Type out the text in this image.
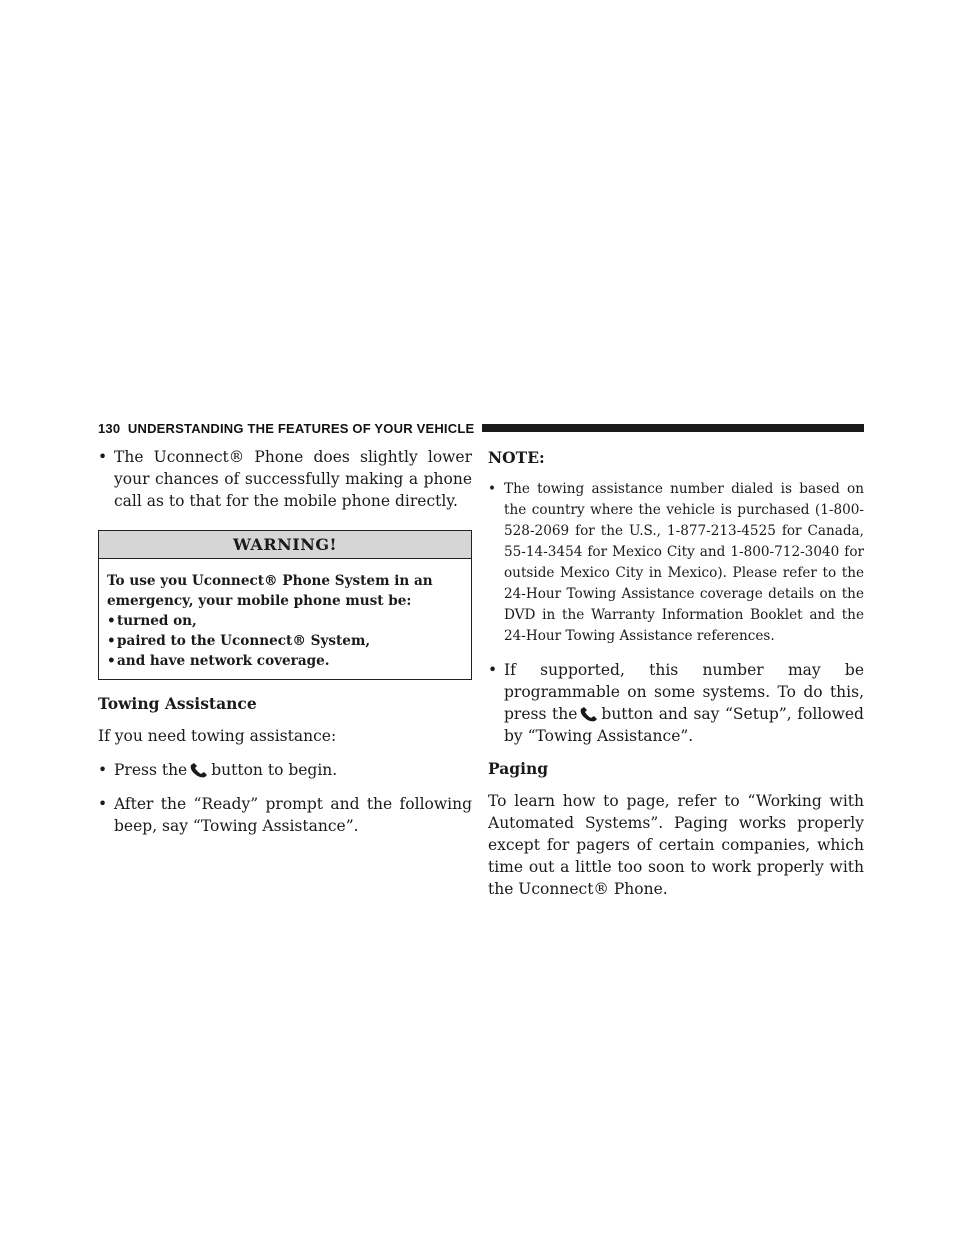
130 UNDERSTANDING THE FEATURES OF YOUR VEHICLE

• The Uconnect® Phone does slightly lower your chances of successfully making a phone call as to that for the mobile phone directly.

WARNING!
To use you Uconnect® Phone System in an emergency, your mobile phone must be:
• turned on,
• paired to the Uconnect® System,
• and have network coverage.

Towing Assistance

If you need towing assistance:

• Press the button to begin.

• After the “Ready” prompt and the following beep, say “Towing Assistance”.

NOTE:

• The towing assistance number dialed is based on the country where the vehicle is purchased (1-800-528-2069 for the U.S., 1-877-213-4525 for Canada, 55-14-3454 for Mexico City and 1-800-712-3040 for outside Mexico City in Mexico). Please refer to the 24-Hour Towing Assistance coverage details on the DVD in the Warranty Information Booklet and the 24-Hour Towing Assistance references.

• If supported, this number may be programmable on some systems. To do this, press the button and say “Setup”, followed by “Towing Assistance”.

Paging

To learn how to page, refer to “Working with Automated Systems”. Paging works properly except for pagers of certain companies, which time out a little too soon to work properly with the Uconnect® Phone.
